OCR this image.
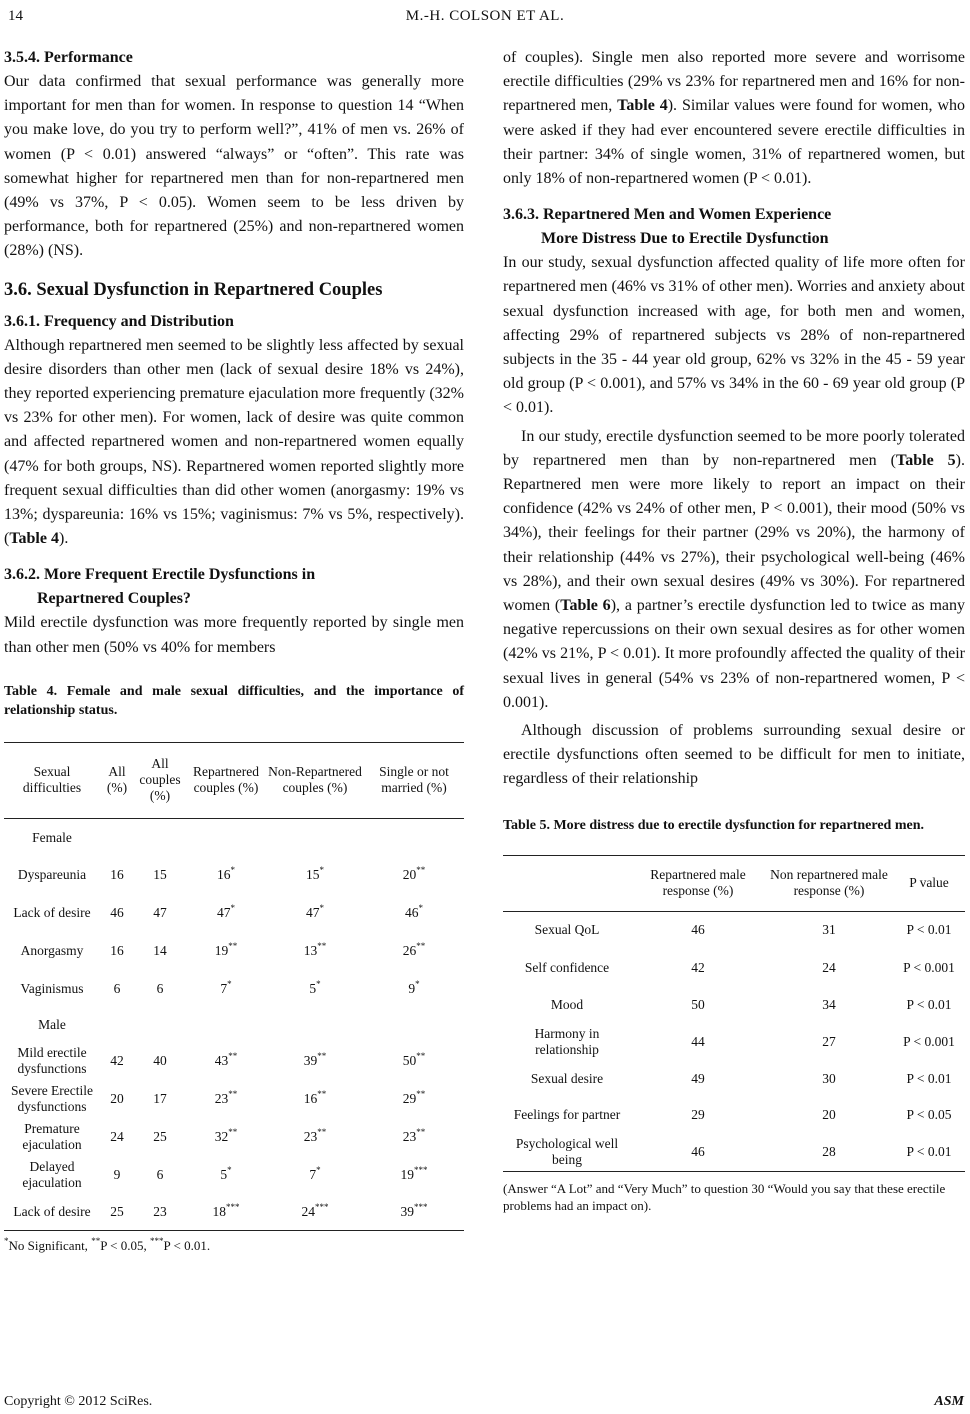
14	M.-H. COLSON ET AL.
3.5.4. Performance

Our data confirmed that sexual performance was generally more important for men than for women. In response to question 14 “When you make love, do you try to perform well?”, 41% of men vs. 26% of women (P < 0.01) answered “always” or “often”. This rate was somewhat higher for repartnered men than for non-repartnered men (49% vs 37%, P < 0.05). Women seem to be less driven by performance, both for repartnered (25%) and non-repartnered women (28%) (NS).

3.6. Sexual Dysfunction in Repartnered Couples
3.6.1. Frequency and Distribution

Although repartnered men seemed to be slightly less affected by sexual desire disorders than other men (lack of sexual desire 18% vs 24%), they reported experiencing premature ejaculation more frequently (32% vs 23% for other men). For women, lack of desire was quite common and affected repartnered women and non-repartnered women equally (47% for both groups, NS). Repartnered women reported slightly more frequent sexual difficulties than did other women (anorgasmy: 19% vs 13%; dyspareunia: 16% vs 15%; vaginismus: 7% vs 5%, respectively). (Table 4).

3.6.2. More Frequent Erectile Dysfunctions in
Repartnered Couples?

Mild erectile dysfunction was more frequently reported by single men than other men (50% vs 40% for members

Table 4. Female and male sexual difficulties, and the importance of relationship status.

Sexual difficulties	All (%)	All couples (%)	Repartnered couples (%)	Non-Repartnered couples (%)	Single or not married (%)
Female					
Dyspareunia	16	15	16*	15*	20**
Lack of desire	46	47	47*	47*	46*
Anorgasmy	16	14	19**	13**	26**
Vaginismus	6	6	7*	5*	9*
Male					
Mild erectile dysfunctions	42	40	43**	39**	50**
Severe Erectile dysfunctions	20	17	23**	16**	29**
Premature ejaculation	24	25	32**	23**	23**
Delayed ejaculation	9	6	5*	7*	19***
Lack of desire	25	23	18***	24***	39***

*No Significant, **P < 0.05, ***P < 0.01.

of couples). Single men also reported more severe and worrisome erectile difficulties (29% vs 23% for repartnered men and 16% for non-repartnered men, Table 4). Similar values were found for women, who were asked if they had ever encountered severe erectile difficulties in their partner: 34% of single women, 31% of repartnered women, but only 18% of non-repartnered women (P < 0.01).

3.6.3. Repartnered Men and Women Experience
More Distress Due to Erectile Dysfunction

In our study, sexual dysfunction affected quality of life more often for repartnered men (46% vs 31% of other men). Worries and anxiety about sexual dysfunction increased with age, for both men and women, affecting 29% of repartnered subjects vs 28% of non-repartnered subjects in the 35 - 44 year old group, 62% vs 32% in the 45 - 59 year old group (P < 0.001), and 57% vs 34% in the 60 - 69 year old group (P < 0.01).

In our study, erectile dysfunction seemed to be more poorly tolerated by repartnered men than by non-repartnered men (Table 5). Repartnered men were more likely to report an impact on their confidence (42% vs 24% of other men, P < 0.001), their mood (50% vs 34%), their feelings for their partner (29% vs 20%), the harmony of their relationship (44% vs 27%), their psychological well-being (46% vs 28%), and their own sexual desires (49% vs 30%). For repartnered women (Table 6), a partner’s erectile dysfunction led to twice as many negative repercussions on their own sexual desires as for other women (42% vs 21%, P < 0.01). It more profoundly affected the quality of their sexual lives in general (54% vs 23% of non-repartnered women, P < 0.001).

Although discussion of problems surrounding sexual desire or erectile dysfunctions often seemed to be difficult for men to initiate, regardless of their relationship

Table 5. More distress due to erectile dysfunction for repartnered men.

	Repartnered male response (%)	Non repartnered male response (%)	P value
Sexual QoL	46	31	P < 0.01
Self confidence	42	24	P < 0.001
Mood	50	34	P < 0.01
Harmony in relationship	44	27	P < 0.001
Sexual desire	49	30	P < 0.01
Feelings for partner	29	20	P < 0.05
Psychological well being	46	28	P < 0.01

(Answer “A Lot” and “Very Much” to question 30 “Would you say that these erectile problems had an impact on).

Copyright © 2012 SciRes.	ASM
